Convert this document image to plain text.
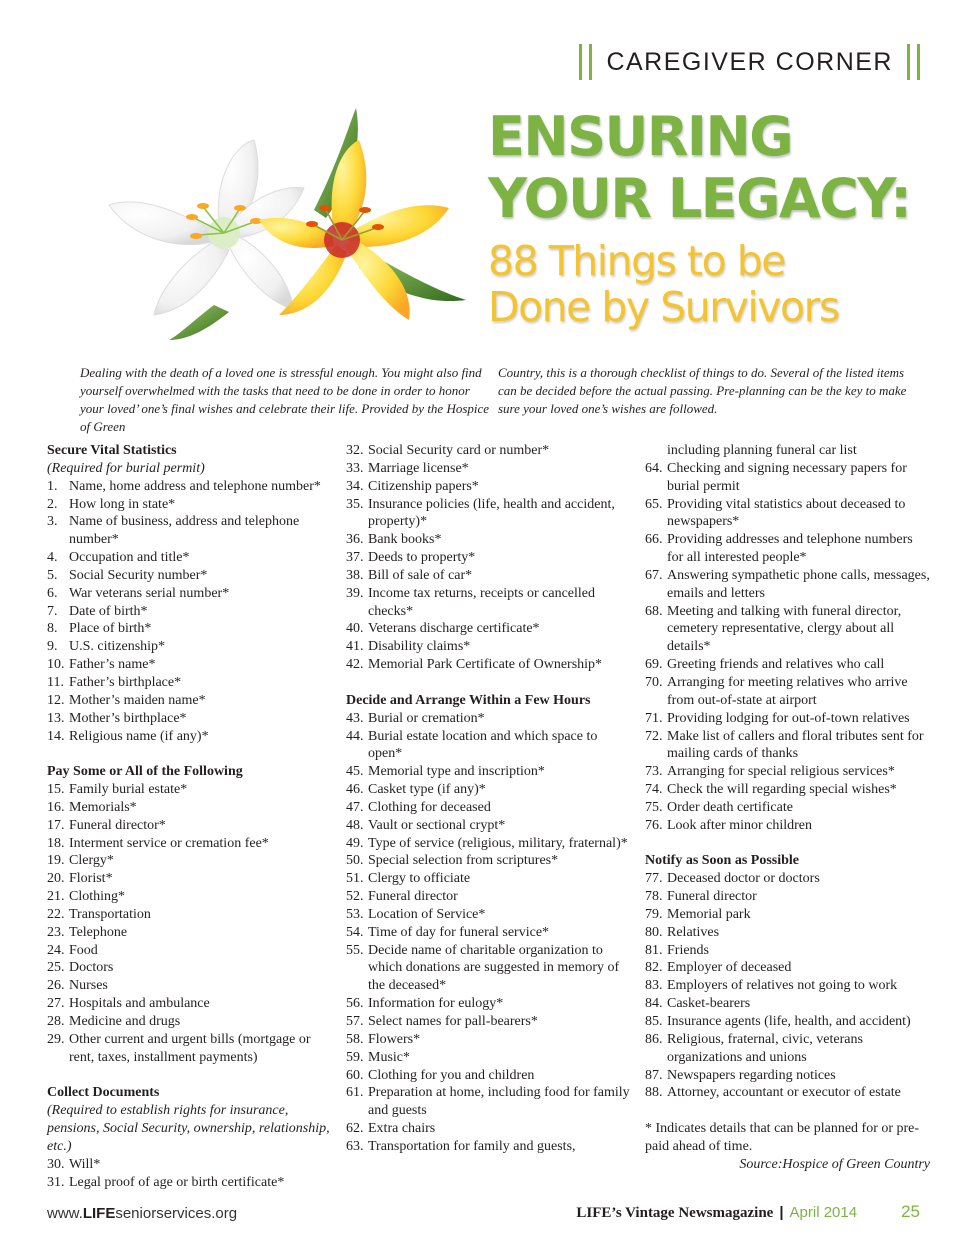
CAREGIVER CORNER
ENSURING
YOUR LEGACY:
88 Things to be
Done by Survivors
Dealing with the death of a loved one is stressful enough. You might also find yourself overwhelmed with the tasks that need to be done in order to honor your loved’ one’s final wishes and celebrate their life. Provided by the Hospice of Green
Country, this is a thorough checklist of things to do. Several of the listed items can be decided before the actual passing. Pre-planning can be the key to make sure your loved one’s wishes are followed.
Secure Vital Statistics
(Required for burial permit)
1. Name, home address and telephone number*
2. How long in state*
3. Name of business, address and telephone number*
4. Occupation and title*
5. Social Security number*
6. War veterans serial number*
7. Date of birth*
8. Place of birth*
9. U.S. citizenship*
10. Father’s name*
11. Father’s birthplace*
12. Mother’s maiden name*
13. Mother’s birthplace*
14. Religious name (if any)*
Pay Some or All of the Following
15. Family burial estate*
16. Memorials*
17. Funeral director*
18. Interment service or cremation fee*
19. Clergy*
20. Florist*
21. Clothing*
22. Transportation
23. Telephone
24. Food
25. Doctors
26. Nurses
27. Hospitals and ambulance
28. Medicine and drugs
29. Other current and urgent bills (mortgage or rent, taxes, installment payments)
Collect Documents
(Required to establish rights for insurance, pensions, Social Security, ownership, relationship, etc.)
30. Will*
31. Legal proof of age or birth certificate*
32. Social Security card or number*
33. Marriage license*
34. Citizenship papers*
35. Insurance policies (life, health and accident, property)*
36. Bank books*
37. Deeds to property*
38. Bill of sale of car*
39. Income tax returns, receipts or cancelled checks*
40. Veterans discharge certificate*
41. Disability claims*
42. Memorial Park Certificate of Ownership*
Decide and Arrange Within a Few Hours
43. Burial or cremation*
44. Burial estate location and which space to open*
45. Memorial type and inscription*
46. Casket type (if any)*
47. Clothing for deceased
48. Vault or sectional crypt*
49. Type of service (religious, military, fraternal)*
50. Special selection from scriptures*
51. Clergy to officiate
52. Funeral director
53. Location of Service*
54. Time of day for funeral service*
55. Decide name of charitable organization to which donations are suggested in memory of the deceased*
56. Information for eulogy*
57. Select names for pall-bearers*
58. Flowers*
59. Music*
60. Clothing for you and children
61. Preparation at home, including food for family and guests
62. Extra chairs
63. Transportation for family and guests,
including planning funeral car list
64. Checking and signing necessary papers for burial permit
65. Providing vital statistics about deceased to newspapers*
66. Providing addresses and telephone numbers for all interested people*
67. Answering sympathetic phone calls, messages, emails and letters
68. Meeting and talking with funeral director, cemetery representative, clergy about all details*
69. Greeting friends and relatives who call
70. Arranging for meeting relatives who arrive from out-of-state at airport
71. Providing lodging for out-of-town relatives
72. Make list of callers and floral tributes sent for mailing cards of thanks
73. Arranging for special religious services*
74. Check the will regarding special wishes*
75. Order death certificate
76. Look after minor children
Notify as Soon as Possible
77. Deceased doctor or doctors
78. Funeral director
79. Memorial park
80. Relatives
81. Friends
82. Employer of deceased
83. Employers of relatives not going to work
84. Casket-bearers
85. Insurance agents (life, health, and accident)
86. Religious, fraternal, civic, veterans organizations and unions
87. Newspapers regarding notices
88. Attorney, accountant or executor of estate
* Indicates details that can be planned for or pre-paid ahead of time.
Source:Hospice of Green Country
www.LIFEseniorservices.org	LIFE’s Vintage Newsmagazine | April 2014	25
